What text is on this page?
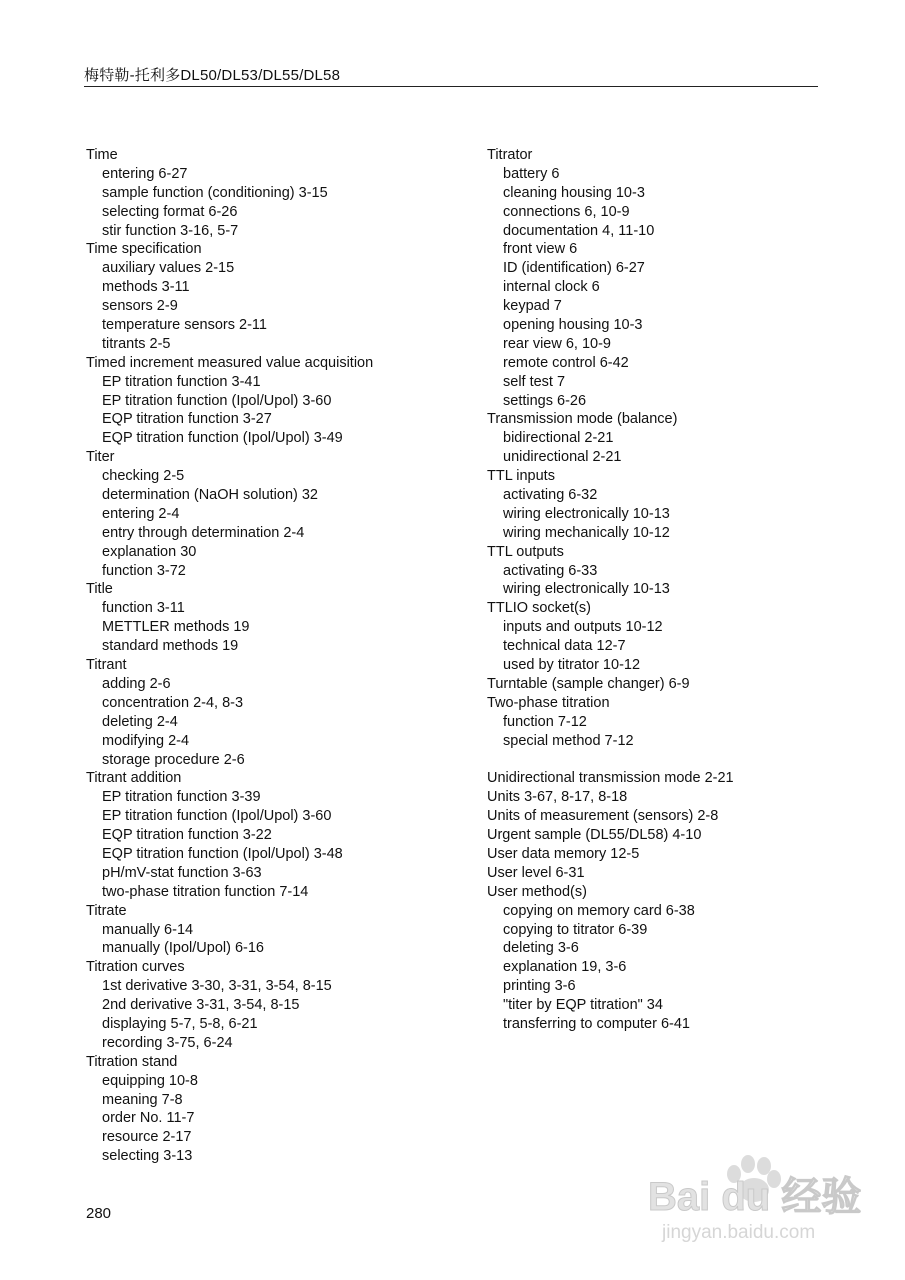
梅特勒-托利多DL50/DL53/DL55/DL58
Time
entering 6-27
sample function (conditioning) 3-15
selecting format 6-26
stir function 3-16, 5-7
Time specification
auxiliary values 2-15
methods 3-11
sensors 2-9
temperature sensors 2-11
titrants 2-5
Timed increment measured value acquisition
EP titration function 3-41
EP titration function (Ipol/Upol) 3-60
EQP titration function 3-27
EQP titration function (Ipol/Upol) 3-49
Titer
checking 2-5
determination (NaOH solution) 32
entering 2-4
entry through determination 2-4
explanation 30
function 3-72
Title
function 3-11
METTLER methods 19
standard methods 19
Titrant
adding 2-6
concentration 2-4, 8-3
deleting 2-4
modifying 2-4
storage procedure 2-6
Titrant addition
EP titration function 3-39
EP titration function (Ipol/Upol) 3-60
EQP titration function 3-22
EQP titration function (Ipol/Upol) 3-48
pH/mV-stat function 3-63
two-phase titration function 7-14
Titrate
manually 6-14
manually (Ipol/Upol) 6-16
Titration curves
1st derivative 3-30, 3-31, 3-54, 8-15
2nd derivative 3-31, 3-54, 8-15
displaying 5-7, 5-8, 6-21
recording 3-75, 6-24
Titration stand
equipping 10-8
meaning 7-8
order No. 11-7
resource 2-17
selecting 3-13
Titrator
battery 6
cleaning housing 10-3
connections 6, 10-9
documentation 4, 11-10
front view 6
ID (identification) 6-27
internal clock 6
keypad 7
opening housing 10-3
rear view 6, 10-9
remote control 6-42
self test 7
settings 6-26
Transmission mode (balance)
bidirectional 2-21
unidirectional 2-21
TTL inputs
activating 6-32
wiring electronically 10-13
wiring mechanically 10-12
TTL outputs
activating 6-33
wiring electronically 10-13
TTLIO socket(s)
inputs and outputs 10-12
technical data 12-7
used by titrator 10-12
Turntable (sample changer) 6-9
Two-phase titration
function 7-12
special method 7-12
Unidirectional transmission mode 2-21
Units 3-67, 8-17, 8-18
Units of measurement (sensors) 2-8
Urgent sample (DL55/DL58) 4-10
User data memory 12-5
User level 6-31
User method(s)
copying on memory card 6-38
copying to titrator 6-39
deleting 3-6
explanation 19, 3-6
printing 3-6
"titer by EQP titration" 34
transferring to computer 6-41
280	Bai du 经验
jingyan.baidu.com
